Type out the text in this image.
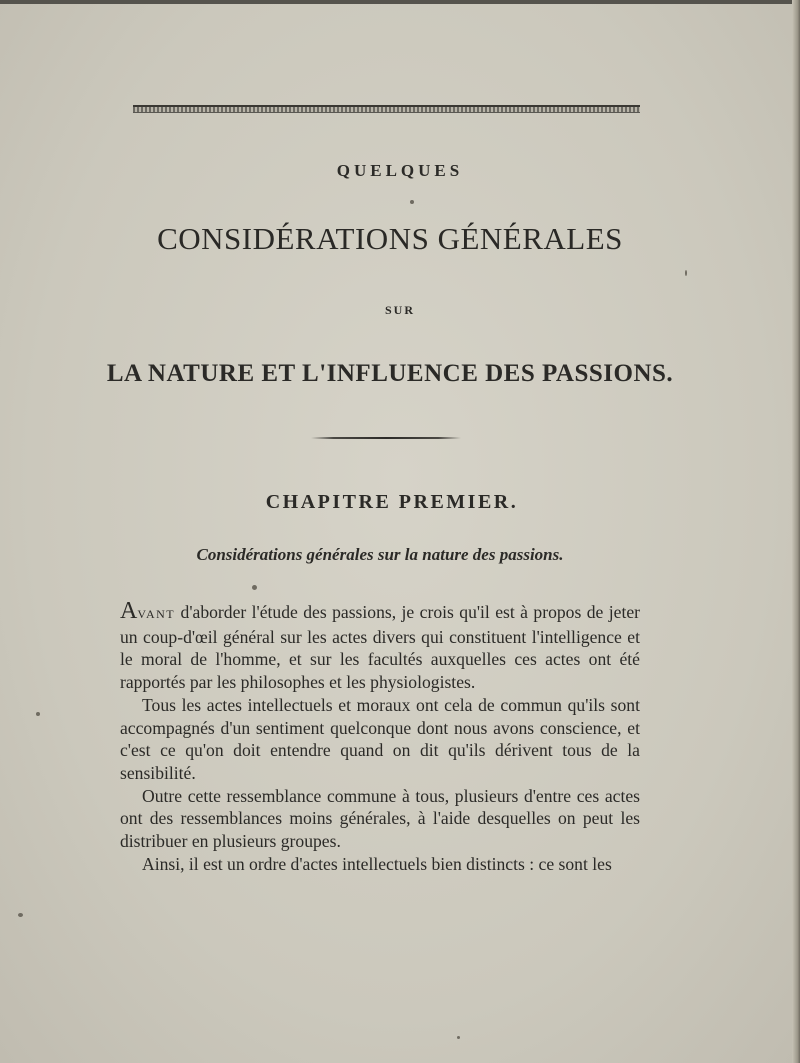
QUELQUES
CONSIDÉRATIONS GÉNÉRALES
SUR
LA NATURE ET L'INFLUENCE DES PASSIONS.
CHAPITRE PREMIER.
Considérations générales sur la nature des passions.

AVANT d'aborder l'étude des passions, je crois qu'il est à propos de jeter un coup-d'œil général sur les actes divers qui constituent l'intelligence et le moral de l'homme, et sur les facultés auxquelles ces actes ont été rapportés par les philosophes et les physiologistes.

Tous les actes intellectuels et moraux ont cela de commun qu'ils sont accompagnés d'un sentiment quelconque dont nous avons conscience, et c'est ce qu'on doit entendre quand on dit qu'ils dérivent tous de la sensibilité.

Outre cette ressemblance commune à tous, plusieurs d'entre ces actes ont des ressemblances moins générales, à l'aide desquelles on peut les distribuer en plusieurs groupes.

Ainsi, il est un ordre d'actes intellectuels bien distincts : ce sont les
